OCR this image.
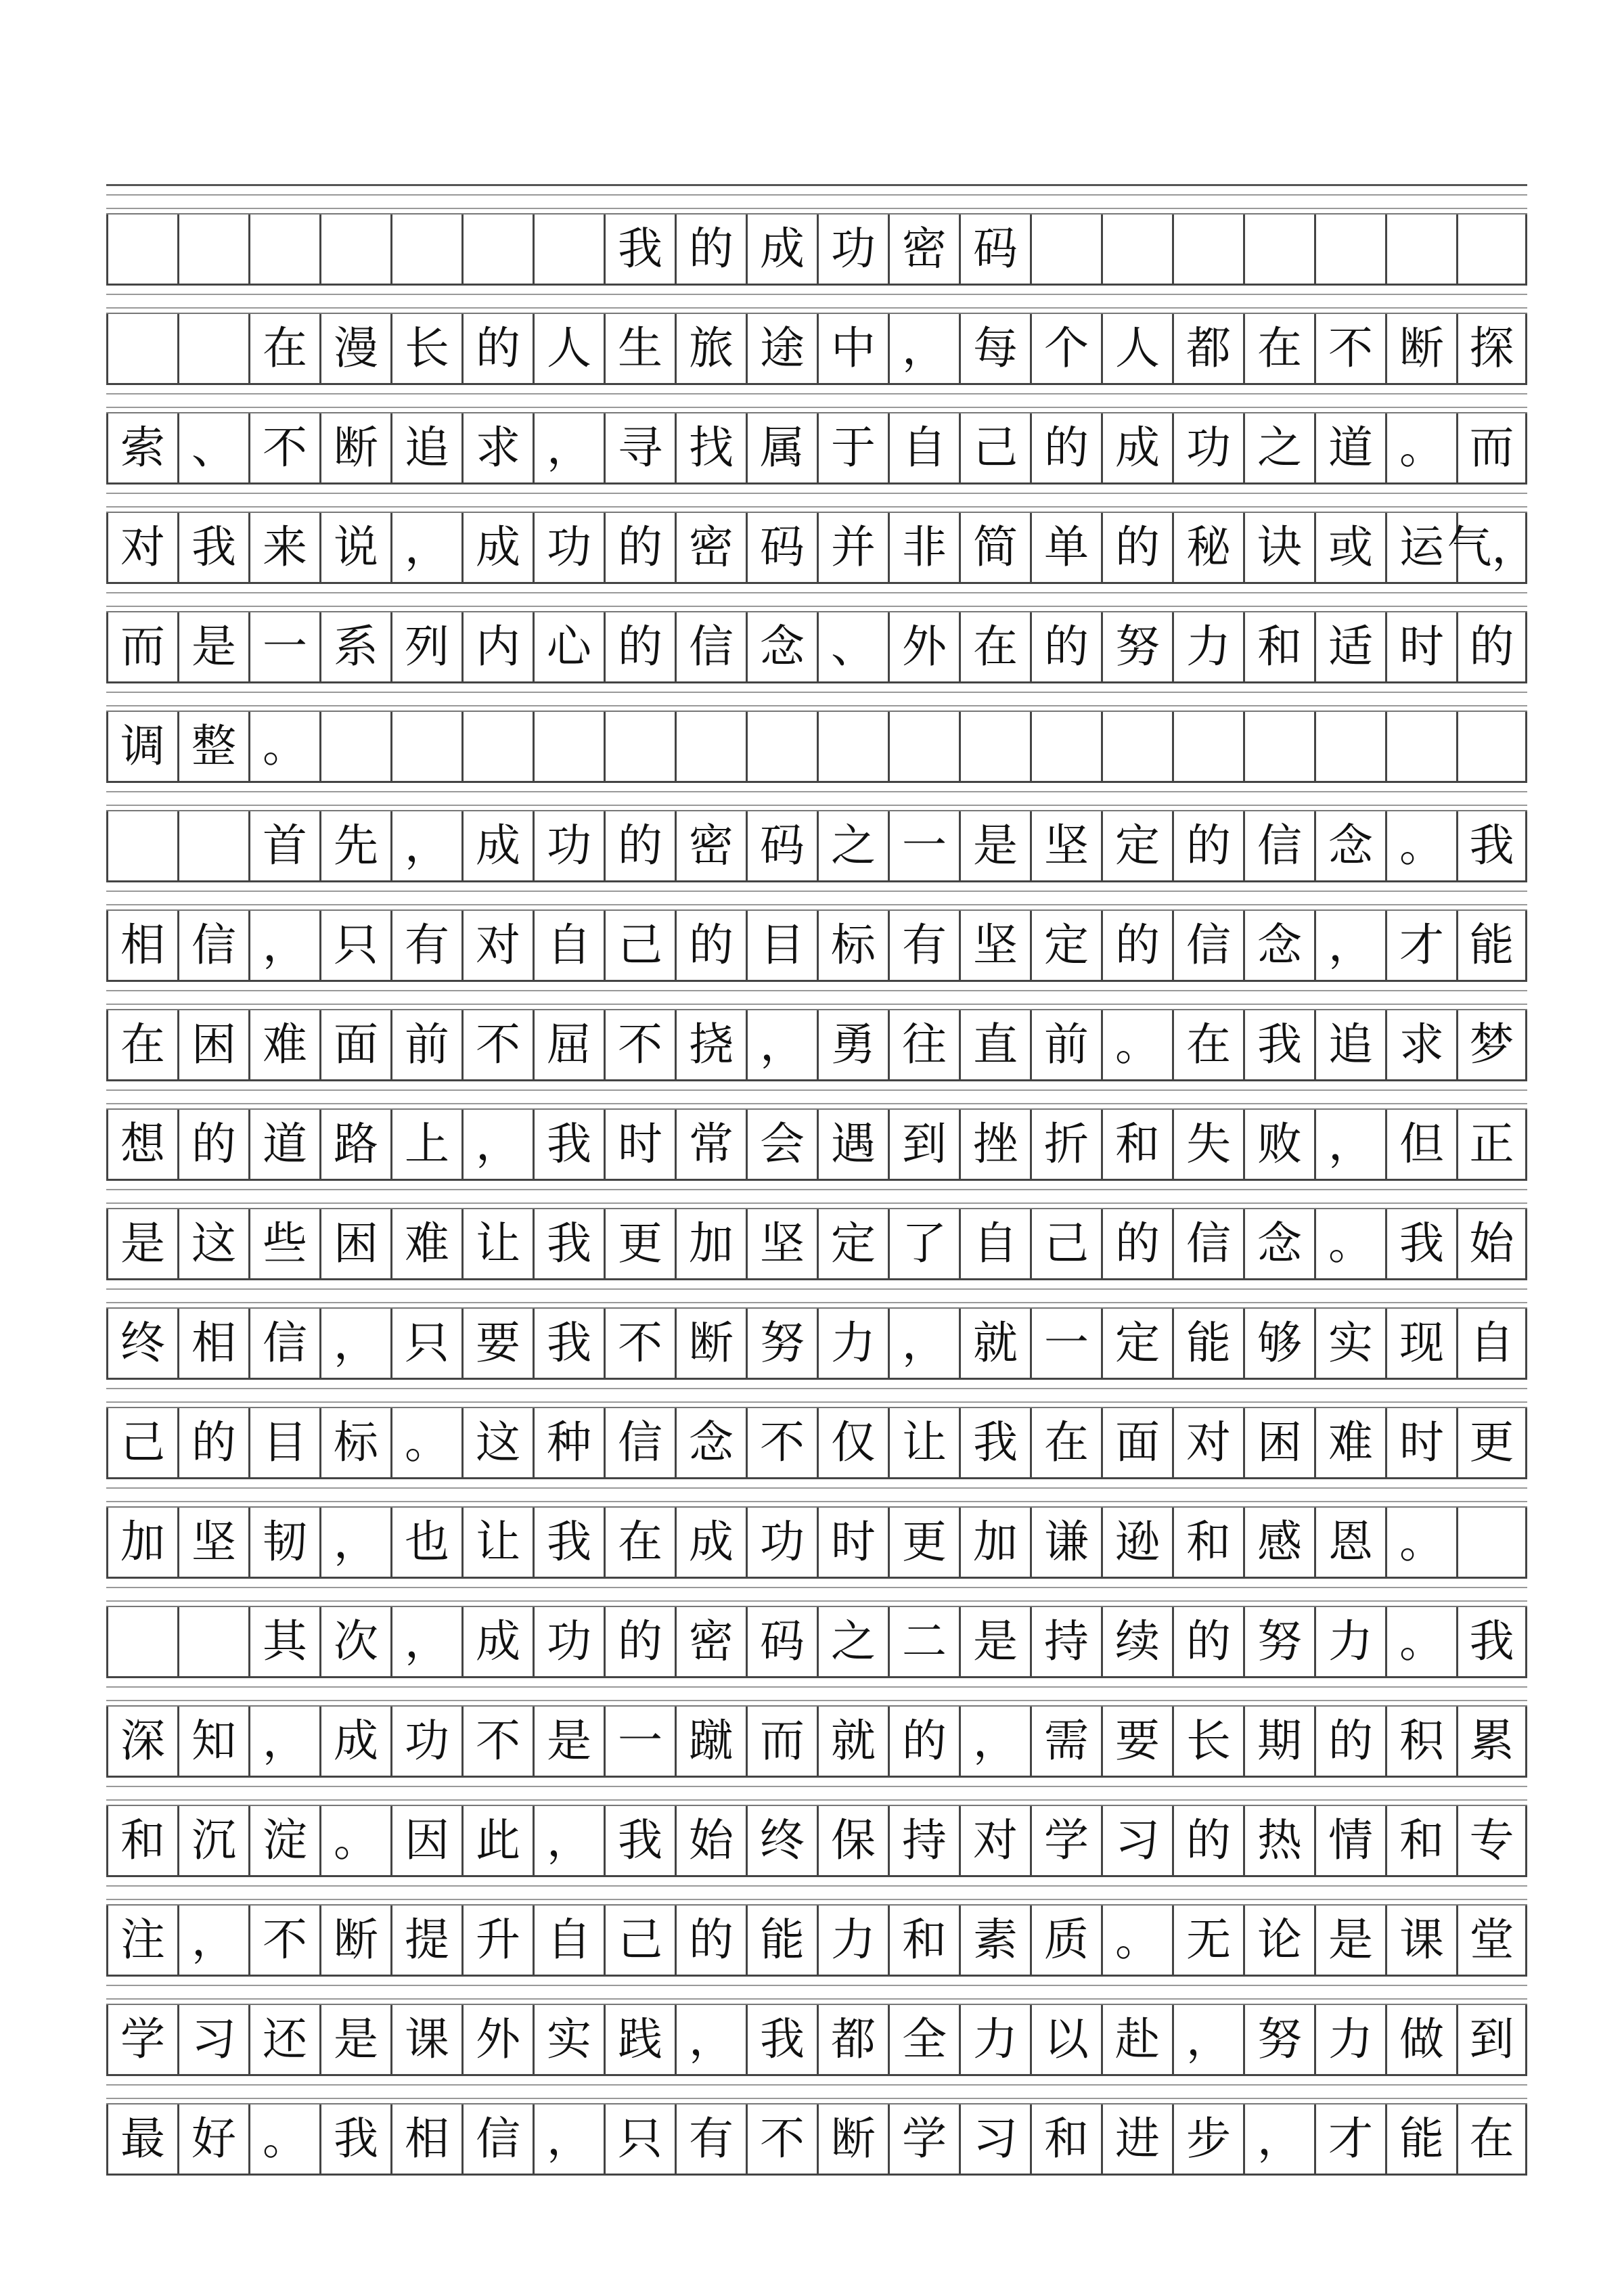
我 的 成 功 密 码
在 漫 长 的 人 生 旅 途 中 ， 每 个 人 都 在 不 断 探
索 、 不 断 追 求 ， 寻 找 属 于 自 己 的 成 功 之 道 。 而
对 我 来 说 ， 成 功 的 密 码 并 非 简 单 的 秘 诀 或 运 气，
而 是 一 系 列 内 心 的 信 念 、 外 在 的 努 力 和 适 时 的
调 整 。
首 先 ， 成 功 的 密 码 之 一 是 坚 定 的 信 念 。 我
相 信 ， 只 有 对 自 己 的 目 标 有 坚 定 的 信 念 ， 才 能
在 困 难 面 前 不 屈 不 挠 ， 勇 往 直 前 。 在 我 追 求 梦
想 的 道 路 上 ， 我 时 常 会 遇 到 挫 折 和 失 败 ， 但 正
是 这 些 困 难 让 我 更 加 坚 定 了 自 己 的 信 念 。 我 始
终 相 信 ， 只 要 我 不 断 努 力 ， 就 一 定 能 够 实 现 自
己 的 目 标 。 这 种 信 念 不 仅 让 我 在 面 对 困 难 时 更
加 坚 韧 ， 也 让 我 在 成 功 时 更 加 谦 逊 和 感 恩 。
其 次 ， 成 功 的 密 码 之 二 是 持 续 的 努 力 。 我
深 知 ， 成 功 不 是 一 蹴 而 就 的 ， 需 要 长 期 的 积 累
和 沉 淀 。 因 此 ， 我 始 终 保 持 对 学 习 的 热 情 和 专
注 ， 不 断 提 升 自 己 的 能 力 和 素 质 。 无 论 是 课 堂
学 习 还 是 课 外 实 践 ， 我 都 全 力 以 赴 ， 努 力 做 到
最 好 。 我 相 信 ， 只 有 不 断 学 习 和 进 步 ， 才 能 在
